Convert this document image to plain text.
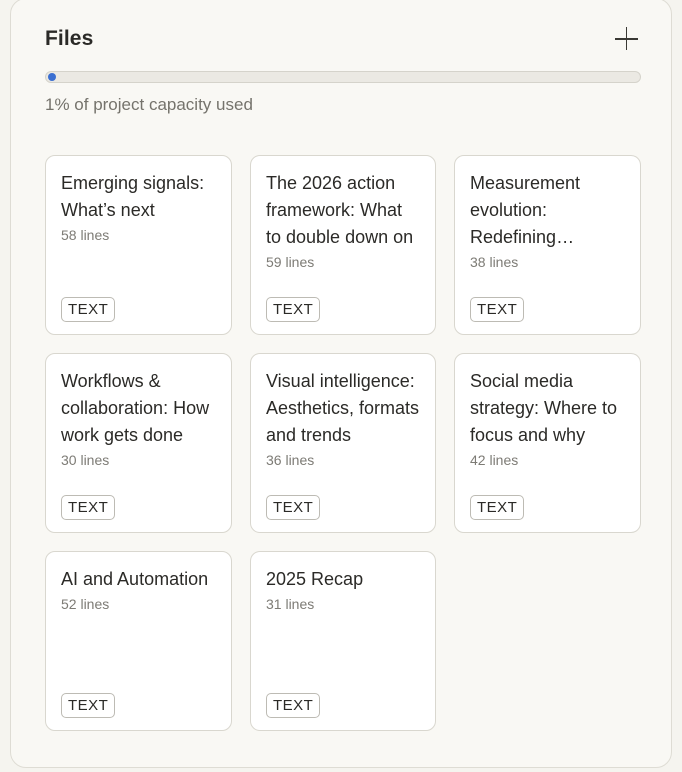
Files
1% of project capacity used
Emerging signals: What’s next
58 lines
TEXT
The 2026 action framework: What to double down on
59 lines
TEXT
Measurement evolution: Redefining
38 lines
TEXT
Workflows & collaboration: How work gets done
30 lines
TEXT
Visual intelligence: Aesthetics, formats and trends
36 lines
TEXT
Social media strategy: Where to focus and why
42 lines
TEXT
AI and Automation
52 lines
TEXT
2025 Recap
31 lines
TEXT
